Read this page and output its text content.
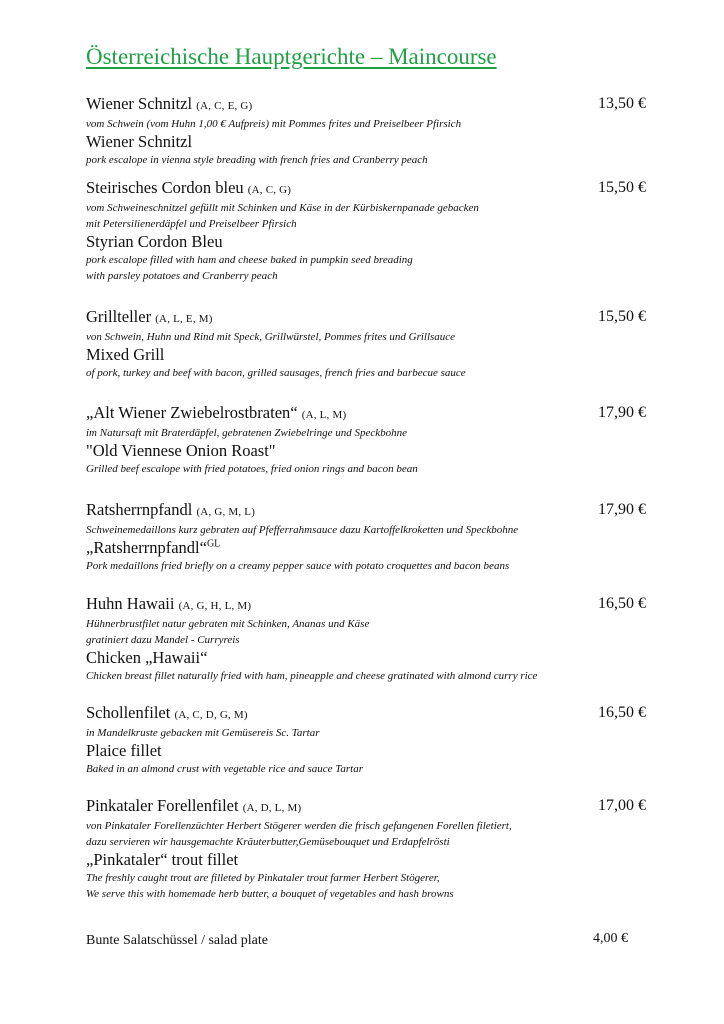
Österreichische Hauptgerichte – Maincourse
Wiener Schnitzl (A, C, E, G)	13,50 €
vom Schwein (vom Huhn 1,00 € Aufpreis) mit Pommes frites und Preiselbeer Pfirsich
Wiener Schnitzl
pork escalope in vienna style breading with french fries and Cranberry peach
Steirisches Cordon bleu (A, C, G)	15,50 €
vom Schweineschnitzel gefüllt mit Schinken und Käse in der Kürbiskernpanade gebacken
mit Petersilienerdäpfel und Preiselbeer Pfirsich
Styrian Cordon Bleu
pork escalope filled with ham and cheese baked in pumpkin seed breading
with parsley potatoes and Cranberry peach
Grillteller (A, L, E, M)	15,50 €
von Schwein, Huhn und Rind mit Speck, Grillwürstel, Pommes frites und Grillsauce
Mixed Grill
of pork, turkey and beef with bacon, grilled sausages, french fries and barbecue sauce
„Alt Wiener Zwiebelrostbraten“ (A, L, M)	17,90 €
im Natursaft mit Braterdäpfel, gebratenen Zwiebelringe und Speckbohne
"Old Viennese Onion Roast"
Grilled beef escalope with fried potatoes, fried onion rings and bacon bean
Ratsherrnpfandl (A, G, M, L)	17,90 €
Schweinemedaillons kurz gebraten auf Pfefferrahmsauce dazu Kartoffelkroketten und Speckbohne
„Ratsherrnpfandl“$^{GL}$
Pork medaillons fried briefly on a creamy pepper sauce with potato croquettes and bacon beans
Huhn Hawaii (A, G, H, L, M)	16,50 €
Hühnerbrustfilet natur gebraten mit Schinken, Ananas und Käse
gratiniert dazu Mandel - Curryreis
Chicken „Hawaii“
Chicken breast fillet naturally fried with ham, pineapple and cheese gratinated with almond curry rice
Schollenfilet (A, C, D, G, M)	16,50 €
in Mandelkruste gebacken mit Gemüsereis Sc. Tartar
Plaice fillet
Baked in an almond crust with vegetable rice and sauce Tartar
Pinkataler Forellenfilet (A, D, L, M)	17,00 €
von Pinkataler Forellenzüchter Herbert Stögerer werden die frisch gefangenen Forellen filetiert,
dazu servieren wir hausgemachte Kräuterbutter,Gemüsebouquet und Erdapfelrösti
„Pinkataler“ trout fillet
The freshly caught trout are filleted by Pinkataler trout farmer Herbert Stögerer,
We serve this with homemade herb butter, a bouquet of vegetables and hash browns
Bunte Salatschüssel / salad plate	4,00 €
